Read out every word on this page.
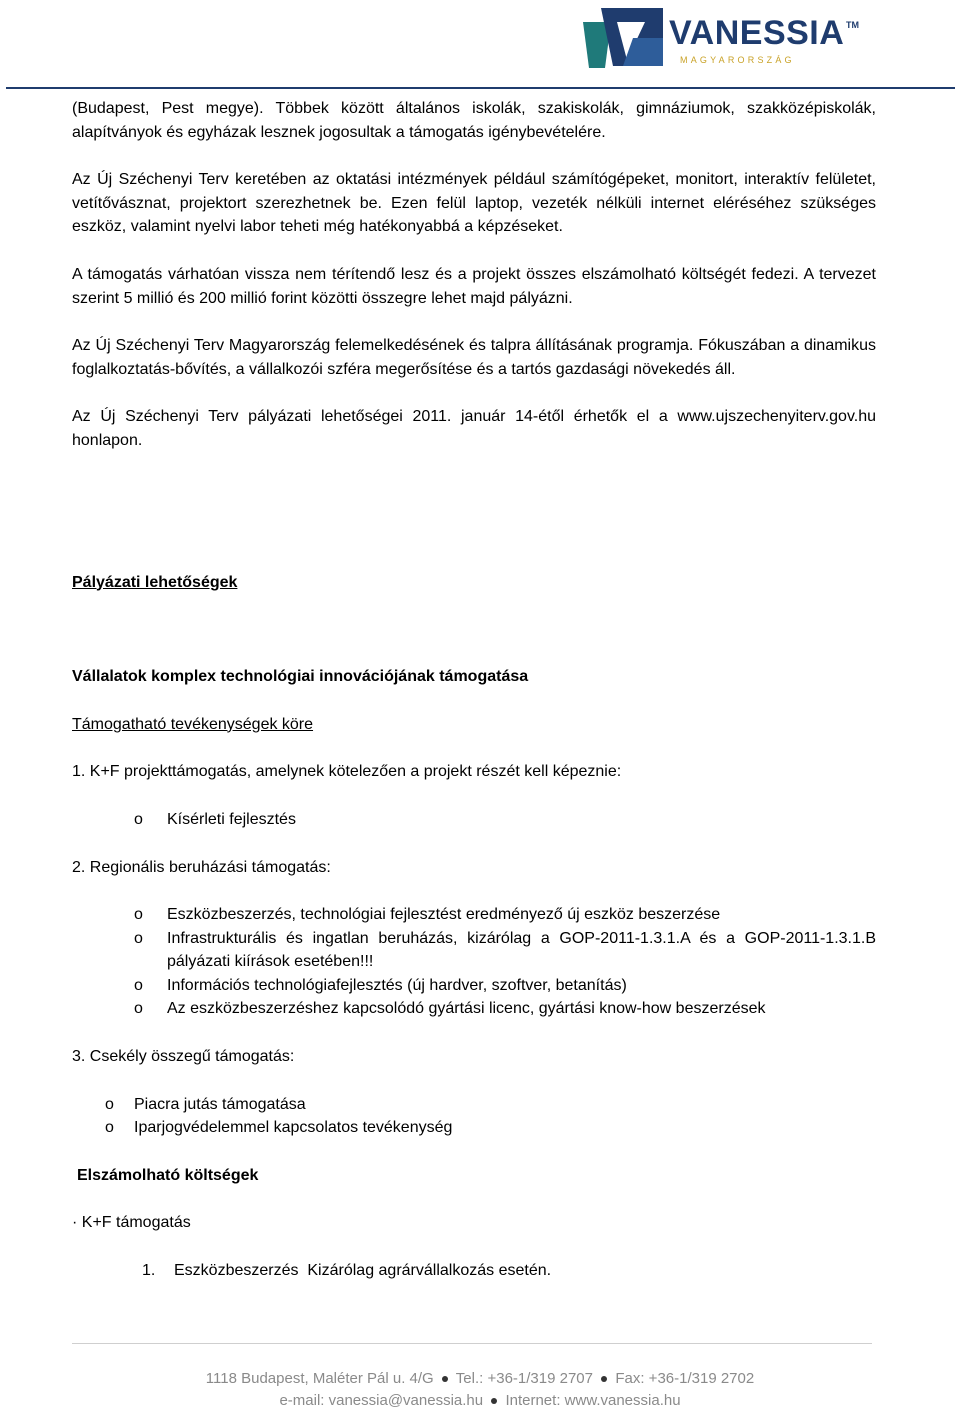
VANESSIA TM
MAGYARORSZÁG

(Budapest, Pest megye). Többek között általános iskolák, szakiskolák, gimnáziumok, szakközépiskolák, alapítványok és egyházak lesznek jogosultak a támogatás igénybevételére.

Az Új Széchenyi Terv keretében az oktatási intézmények például számítógépeket, monitort, interaktív felületet, vetítővásznat, projektort szerezhetnek be. Ezen felül laptop, vezeték nélküli internet eléréséhez szükséges eszköz, valamint nyelvi labor teheti még hatékonyabbá a képzéseket.

A támogatás várhatóan vissza nem térítendő lesz és a projekt összes elszámolható költségét fedezi. A tervezet szerint 5 millió és 200 millió forint közötti összegre lehet majd pályázni.

Az Új Széchenyi Terv Magyarország felemelkedésének és talpra állításának programja. Fókuszában a dinamikus foglalkoztatás-bővítés, a vállalkozói szféra megerősítése és a tartós gazdasági növekedés áll.

Az Új Széchenyi Terv pályázati lehetőségei 2011. január 14-étől érhetők el a www.ujszechenyiterv.gov.hu honlapon.

Pályázati lehetőségek

Vállalatok komplex technológiai innovációjának támogatása

Támogatható tevékenységek köre

1. K+F projekttámogatás, amelynek kötelezően a projekt részét kell képeznie:

o Kísérleti fejlesztés

2. Regionális beruházási támogatás:

o Eszközbeszerzés, technológiai fejlesztést eredményező új eszköz beszerzése
o Infrastrukturális és ingatlan beruházás, kizárólag a GOP-2011-1.3.1.A és a GOP-2011-1.3.1.B pályázati kiírások esetében!!!
o Információs technológiafejlesztés (új hardver, szoftver, betanítás)
o Az eszközbeszerzéshez kapcsolódó gyártási licenc, gyártási know-how beszerzések

3. Csekély összegű támogatás:

o Piacra jutás támogatása
o Iparjogvédelemmel kapcsolatos tevékenység

Elszámolható költségek

· K+F támogatás

1. Eszközbeszerzés  Kizárólag agrárvállalkozás esetén.

1118 Budapest, Maléter Pál u. 4/G Tel.: +36-1/319 2707 Fax: +36-1/319 2702
e-mail: vanessia@vanessia.hu Internet: www.vanessia.hu
